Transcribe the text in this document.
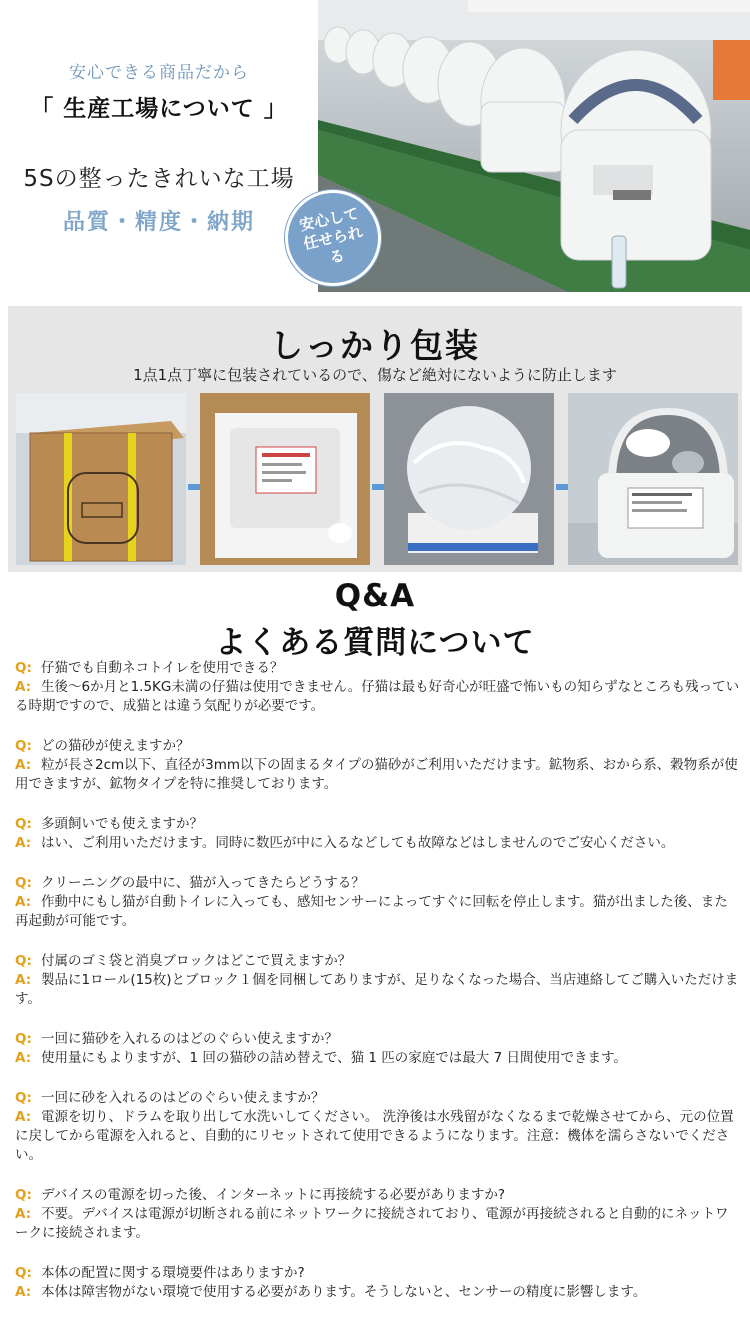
安心できる商品だから
「 生産工場について 」
5Sの整ったきれいな工場
品質・精度・納期	安心して任せられる
しっかり包装
1点1点丁寧に包装されているので、傷など絶対にないように防止します
Q&A
よくある質問について
Q: 仔猫でも自動ネコトイレを使用できる？
A: 生後～6か月と1.5KG未満の仔猫は使用できません。仔猫は最も好奇心が旺盛で怖いもの知らずなところも残っている時期ですので、成猫とは違う気配りが必要です。
Q: どの猫砂が使えますか？
A: 粒が長さ2cm以下、直径が3mm以下の固まるタイプの猫砂がご利用いただけます。鉱物系、おから系、穀物系が使用できますが、鉱物タイプを特に推奨しております。
Q: 多頭飼いでも使えますか？
A: はい、ご利用いただけます。同時に数匹が中に入るなどしても故障などはしませんのでご安心ください。
Q: クリーニングの最中に、猫が入ってきたらどうする？
A: 作動中にもし猫が自動トイレに入っても、感知センサーによってすぐに回転を停止します。猫が出ました後、また再起動が可能です。
Q: 付属のゴミ袋と消臭ブロックはどこで買えますか？
A: 製品に1ロール(15枚)とブロック１個を同梱してありますが、足りなくなった場合、当店連絡してご購入いただけます。
Q: 一回に猫砂を入れるのはどのぐらい使えますか？
A: 使用量にもよりますが、1 回の猫砂の詰め替えで、猫 1 匹の家庭では最大 7 日間使用できます。
Q: 一回に砂を入れるのはどのぐらい使えますか？
A: 電源を切り、ドラムを取り出して水洗いしてください。 洗浄後は水残留がなくなるまで乾燥させてから、元の位置に戻してから電源を入れると、自動的にリセットされて使用できるようになります。注意：機体を濡らさないでください。
Q: デバイスの電源を切った後、インターネットに再接続する必要がありますか?
A: 不要。デバイスは電源が切断される前にネットワークに接続されており、電源が再接続されると自動的にネットワークに接続されます。
Q: 本体の配置に関する環境要件はありますか?
A: 本体は障害物がない環境で使用する必要があります。そうしないと、センサーの精度に影響します。
